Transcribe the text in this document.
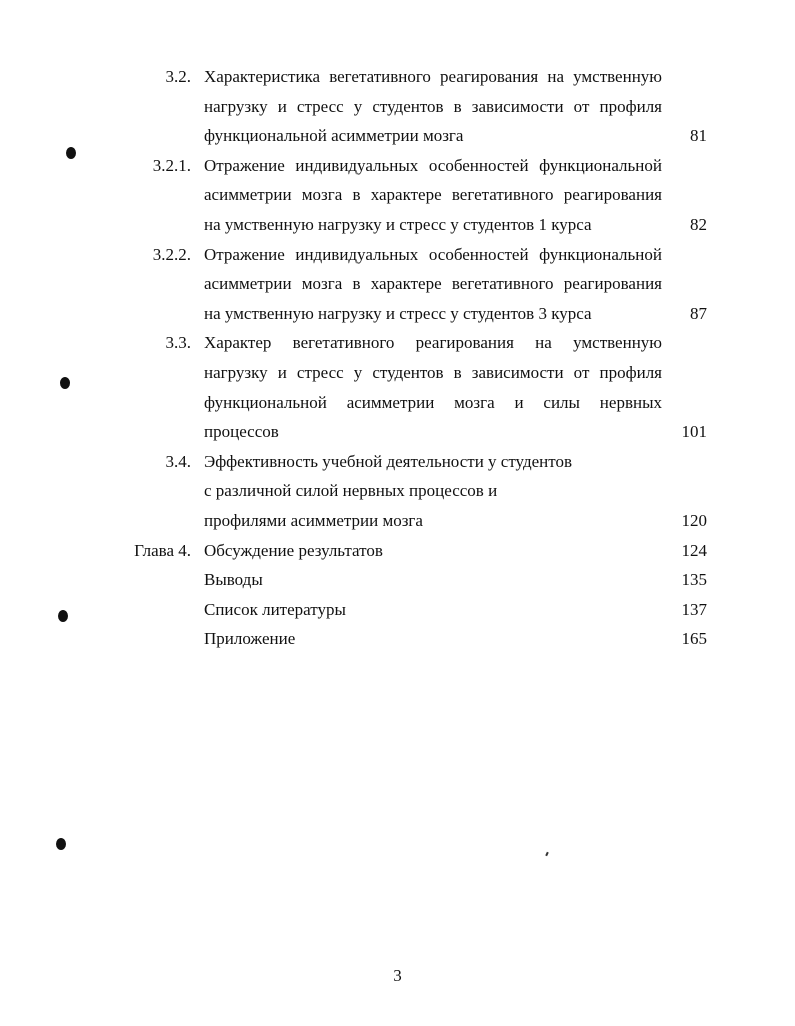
3.2. Характеристика вегетативного реагирования на умственную
нагрузку и стресс у студентов в зависимости от профиля
функциональной асимметрии мозга	81
3.2.1. Отражение индивидуальных особенностей функциональной
асимметрии мозга в характере вегетативного реагирования
на умственную нагрузку и стресс у студентов 1 курса	82
3.2.2. Отражение индивидуальных особенностей функциональной
асимметрии мозга в характере вегетативного реагирования
на умственную нагрузку и стресс у студентов 3 курса	87
3.3. Характер вегетативного реагирования на умственную
нагрузку и стресс у студентов в зависимости от профиля
функциональной асимметрии мозга и силы нервных
процессов	101
3.4. Эффективность учебной деятельности у студентов
с различной силой нервных процессов и
профилями асимметрии мозга	120
Глава 4. Обсуждение результатов	124
Выводы	135
Список литературы	137
Приложение	165
3
